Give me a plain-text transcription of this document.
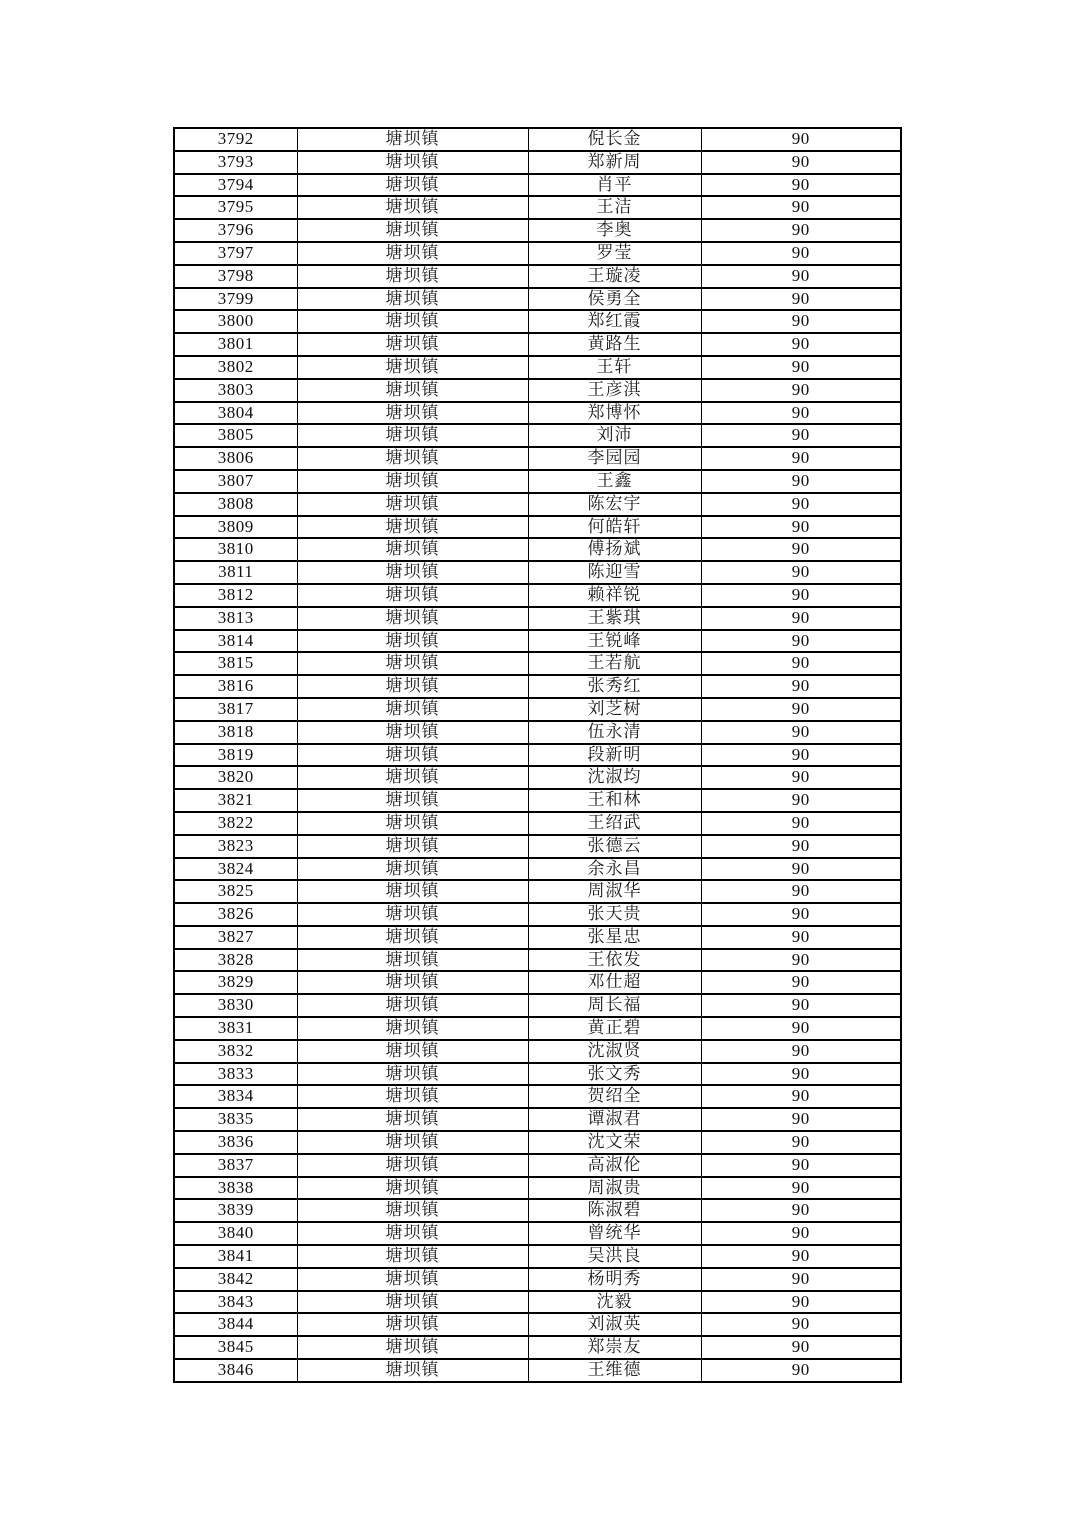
3792	塘坝镇	倪长金	90
3793	塘坝镇	郑新周	90
3794	塘坝镇	肖平	90
3795	塘坝镇	王洁	90
3796	塘坝镇	李奥	90
3797	塘坝镇	罗莹	90
3798	塘坝镇	王璇凌	90
3799	塘坝镇	侯勇全	90
3800	塘坝镇	郑红霞	90
3801	塘坝镇	黄路生	90
3802	塘坝镇	王轩	90
3803	塘坝镇	王彦淇	90
3804	塘坝镇	郑博怀	90
3805	塘坝镇	刘沛	90
3806	塘坝镇	李园园	90
3807	塘坝镇	王鑫	90
3808	塘坝镇	陈宏宇	90
3809	塘坝镇	何皓轩	90
3810	塘坝镇	傅扬斌	90
3811	塘坝镇	陈迎雪	90
3812	塘坝镇	赖祥锐	90
3813	塘坝镇	王紫琪	90
3814	塘坝镇	王锐峰	90
3815	塘坝镇	王若航	90
3816	塘坝镇	张秀红	90
3817	塘坝镇	刘芝树	90
3818	塘坝镇	伍永清	90
3819	塘坝镇	段新明	90
3820	塘坝镇	沈淑均	90
3821	塘坝镇	王和林	90
3822	塘坝镇	王绍武	90
3823	塘坝镇	张德云	90
3824	塘坝镇	余永昌	90
3825	塘坝镇	周淑华	90
3826	塘坝镇	张天贵	90
3827	塘坝镇	张星忠	90
3828	塘坝镇	王依发	90
3829	塘坝镇	邓仕超	90
3830	塘坝镇	周长福	90
3831	塘坝镇	黄正碧	90
3832	塘坝镇	沈淑贤	90
3833	塘坝镇	张文秀	90
3834	塘坝镇	贺绍全	90
3835	塘坝镇	谭淑君	90
3836	塘坝镇	沈文荣	90
3837	塘坝镇	高淑伦	90
3838	塘坝镇	周淑贵	90
3839	塘坝镇	陈淑碧	90
3840	塘坝镇	曾统华	90
3841	塘坝镇	吴洪良	90
3842	塘坝镇	杨明秀	90
3843	塘坝镇	沈毅	90
3844	塘坝镇	刘淑英	90
3845	塘坝镇	郑崇友	90
3846	塘坝镇	王维德	90
